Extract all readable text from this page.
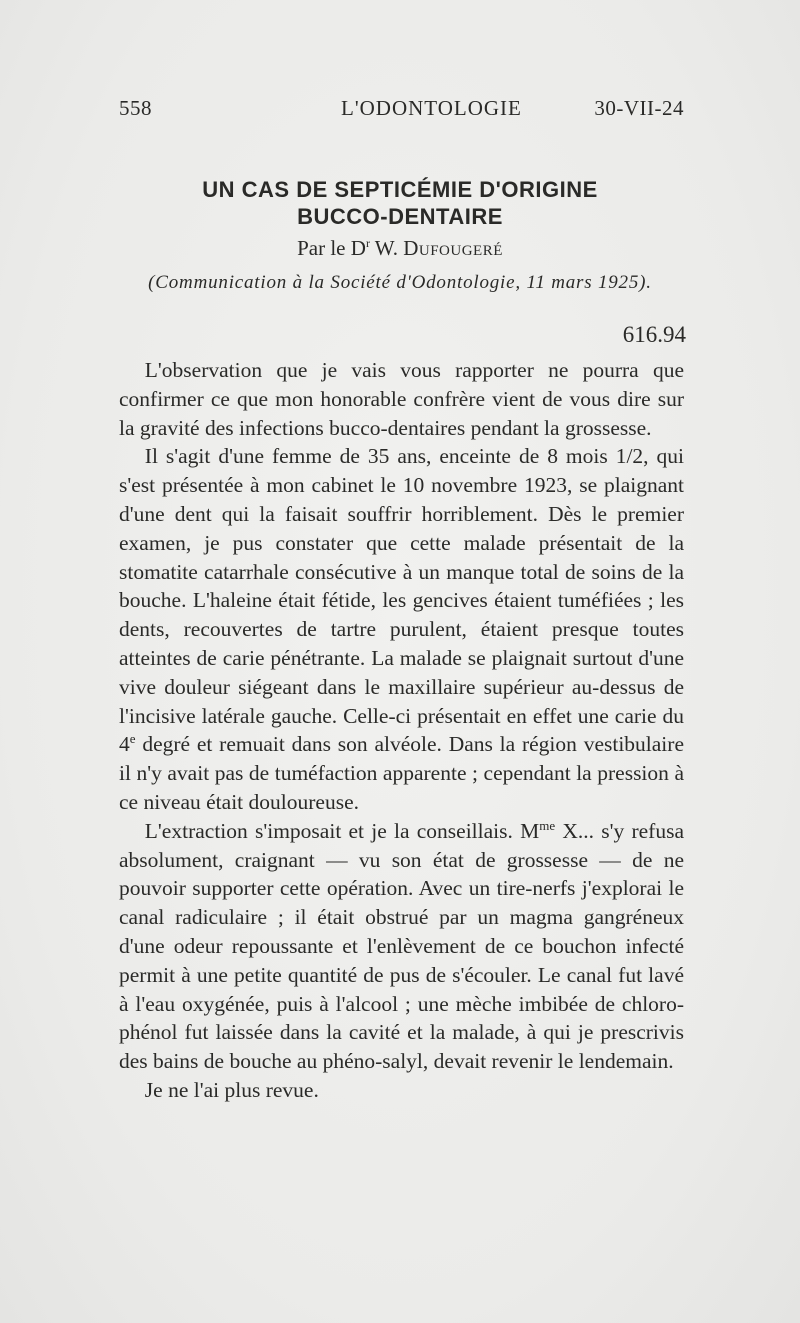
558	L'ODONTOLOGIE	30-VII-24
UN CAS DE SEPTICÉMIE D'ORIGINE
BUCCO-DENTAIRE
Par le $D^r$ W. Dufougeré
(Communication à la Société d'Odontologie, 11 mars 1925).
616.94

L'observation que je vais vous rapporter ne pourra que confirmer ce que mon honorable confrère vient de vous dire sur la gravité des infections bucco-dentaires pendant la grossesse.

Il s'agit d'une femme de 35 ans, enceinte de 8 mois 1/2, qui s'est présentée à mon cabinet le 10 novembre 1923, se plaignant d'une dent qui la faisait souffrir horriblement. Dès le premier examen, je pus constater que cette malade présentait de la stomatite catarrhale consécutive à un manque total de soins de la bouche. L'haleine était fétide, les gencives étaient tuméfiées ; les dents, recouvertes de tartre purulent, étaient presque toutes atteintes de carie pénétrante. La malade se plaignait surtout d'une vive douleur siégeant dans le maxillaire supérieur au-dessus de l'incisive latérale gauche. Celle-ci présentait en effet une carie du 4e degré et remuait dans son alvéole. Dans la région vestibulaire il n'y avait pas de tuméfaction apparente ; cependant la pression à ce niveau était douloureuse.

L'extraction s'imposait et je la conseillais. $M^{me}$ X... s'y refusa absolument, craignant — vu son état de grossesse — de ne pouvoir supporter cette opération. Avec un tire-nerfs j'explorai le canal radiculaire ; il était obstrué par un magma gangréneux d'une odeur repoussante et l'enlèvement de ce bouchon infecté permit à une petite quantité de pus de s'écouler. Le canal fut lavé à l'eau oxygénée, puis à l'alcool ; une mèche imbibée de chloro-phénol fut laissée dans la cavité et la malade, à qui je prescrivis des bains de bouche au phéno-salyl, devait revenir le lendemain.

Je ne l'ai plus revue.
